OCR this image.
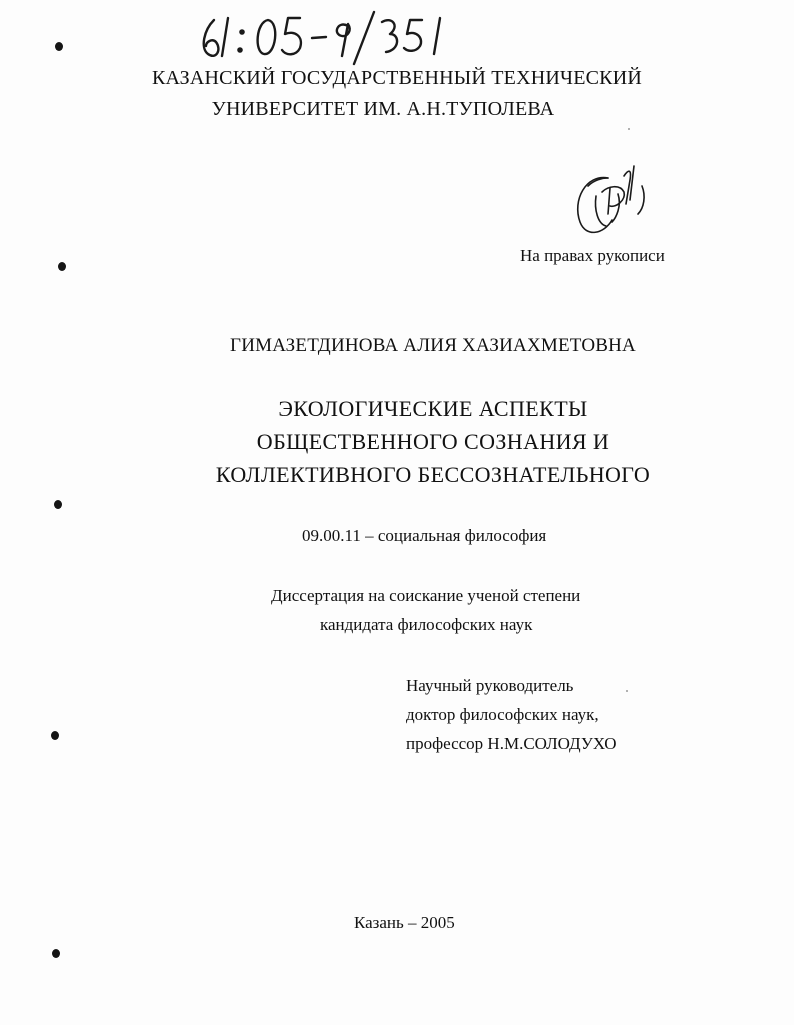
КАЗАНСКИЙ ГОСУДАРСТВЕННЫЙ ТЕХНИЧЕСКИЙ
УНИВЕРСИТЕТ ИМ. А.Н.ТУПОЛЕВА
На правах рукописи
ГИМАЗЕТДИНОВА АЛИЯ ХАЗИАХМЕТОВНА
ЭКОЛОГИЧЕСКИЕ АСПЕКТЫ
ОБЩЕСТВЕННОГО СОЗНАНИЯ И
КОЛЛЕКТИВНОГО БЕССОЗНАТЕЛЬНОГО
09.00.11 – социальная философия
Диссертация на соискание ученой степени
кандидата философских наук
Научный руководитель
доктор философских наук,
профессор Н.М.СОЛОДУХО
Казань – 2005
